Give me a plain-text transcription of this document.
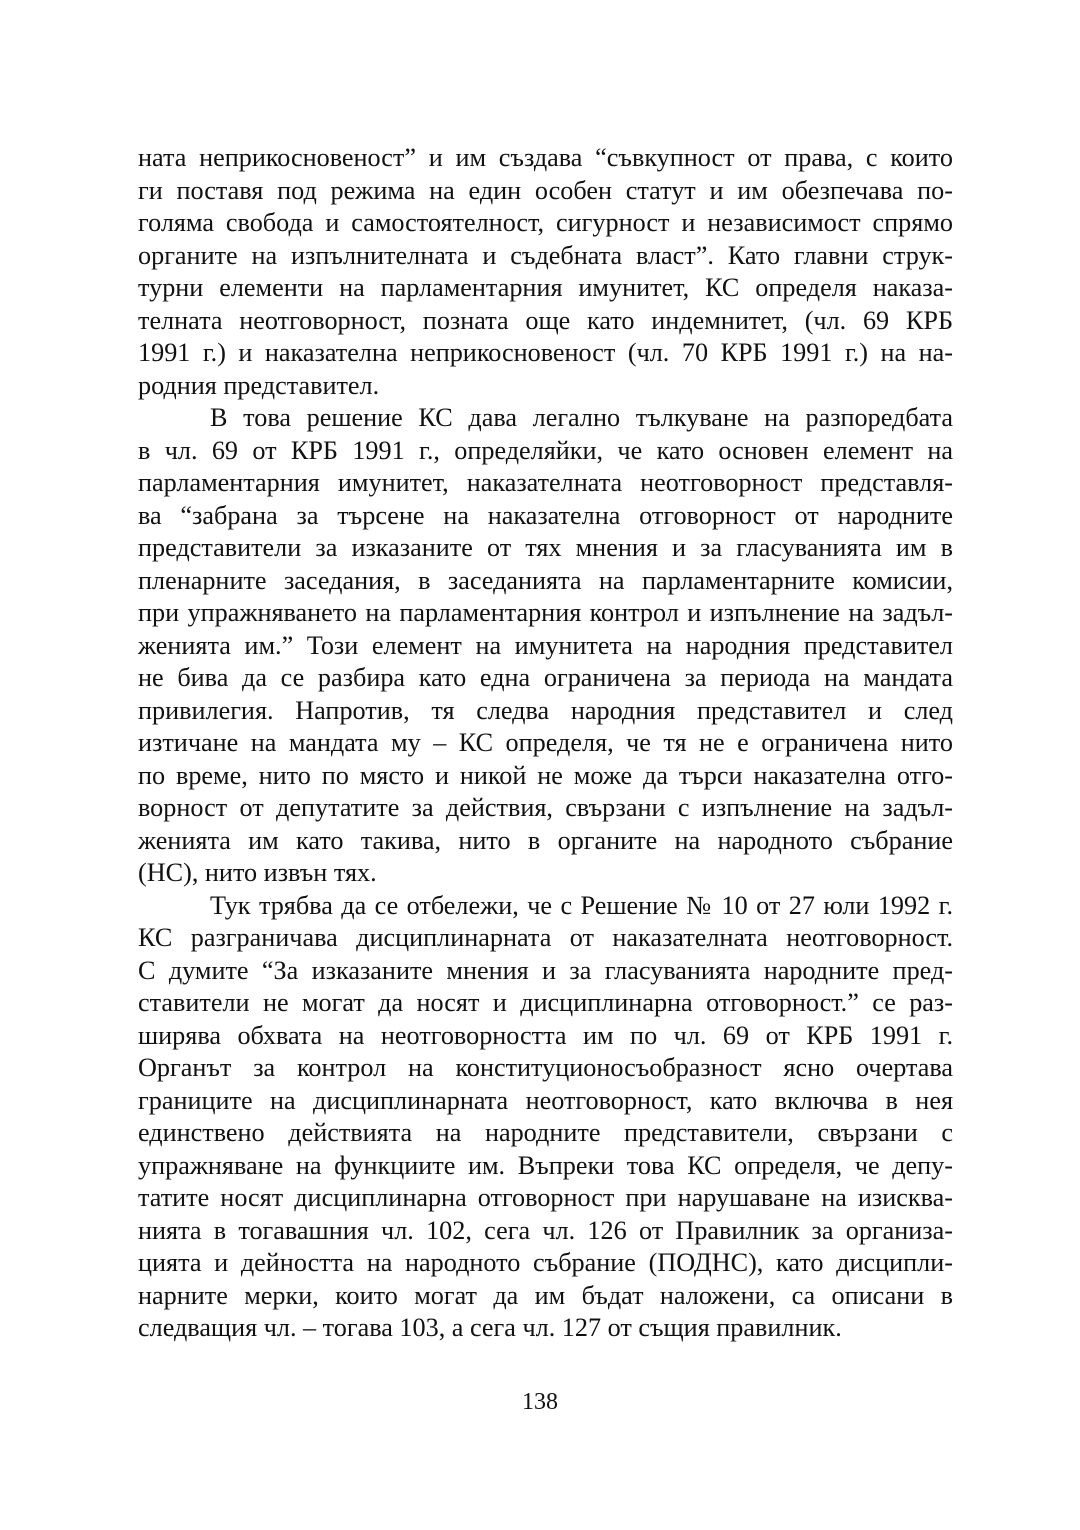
ната неприкосновеност” и им създава “съвкупност от права, с които
ги поставя под режима на един особен статут и им обезпечава по-
голяма свобода и самостоятелност, сигурност и независимост спрямо
органите на изпълнителната и съдебната власт”. Като главни струк-
турни елементи на парламентарния имунитет, КС определя наказа-
телната неотговорност, позната още като индемнитет, (чл. 69 КРБ
1991 г.) и наказателна неприкосновеност (чл. 70 КРБ 1991 г.) на на-
родния представител.
В това решение КС дава легално тълкуване на разпоредбата
в чл. 69 от КРБ 1991 г., определяйки, че като основен елемент на
парламентарния имунитет, наказателната неотговорност представля-
ва “забрана за търсене на наказателна отговорност от народните
представители за изказаните от тях мнения и за гласуванията им в
пленарните заседания, в заседанията на парламентарните комисии,
при упражняването на парламентарния контрол и изпълнение на задъл-
женията им.” Този елемент на имунитета на народния представител
не бива да се разбира като една ограничена за периода на мандата
привилегия. Напротив, тя следва народния представител и след
изтичане на мандата му – КС определя, че тя не е ограничена нито
по време, нито по място и никой не може да търси наказателна отго-
ворност от депутатите за действия, свързани с изпълнение на задъл-
женията им като такива, нито в органите на народното събрание
(НС), нито извън тях.
Тук трябва да се отбележи, че с Решение № 10 от 27 юли 1992 г.
КС разграничава дисциплинарната от наказателната неотговорност.
С думите “За изказаните мнения и за гласуванията народните пред-
ставители не могат да носят и дисциплинарна отговорност.” се раз-
ширява обхвата на неотговорността им по чл. 69 от КРБ 1991 г.
Органът за контрол на конституционосъобразност ясно очертава
границите на дисциплинарната неотговорност, като включва в нея
единствено действията на народните представители, свързани с
упражняване на функциите им. Въпреки това КС определя, че депу-
татите носят дисциплинарна отговорност при нарушаване на изисква-
нията в тогавашния чл. 102, сега чл. 126 от Правилник за организа-
цията и дейността на народното събрание (ПОДНС), като дисципли-
нарните мерки, които могат да им бъдат наложени, са описани в
следващия чл. – тогава 103, а сега чл. 127 от същия правилник.
138
